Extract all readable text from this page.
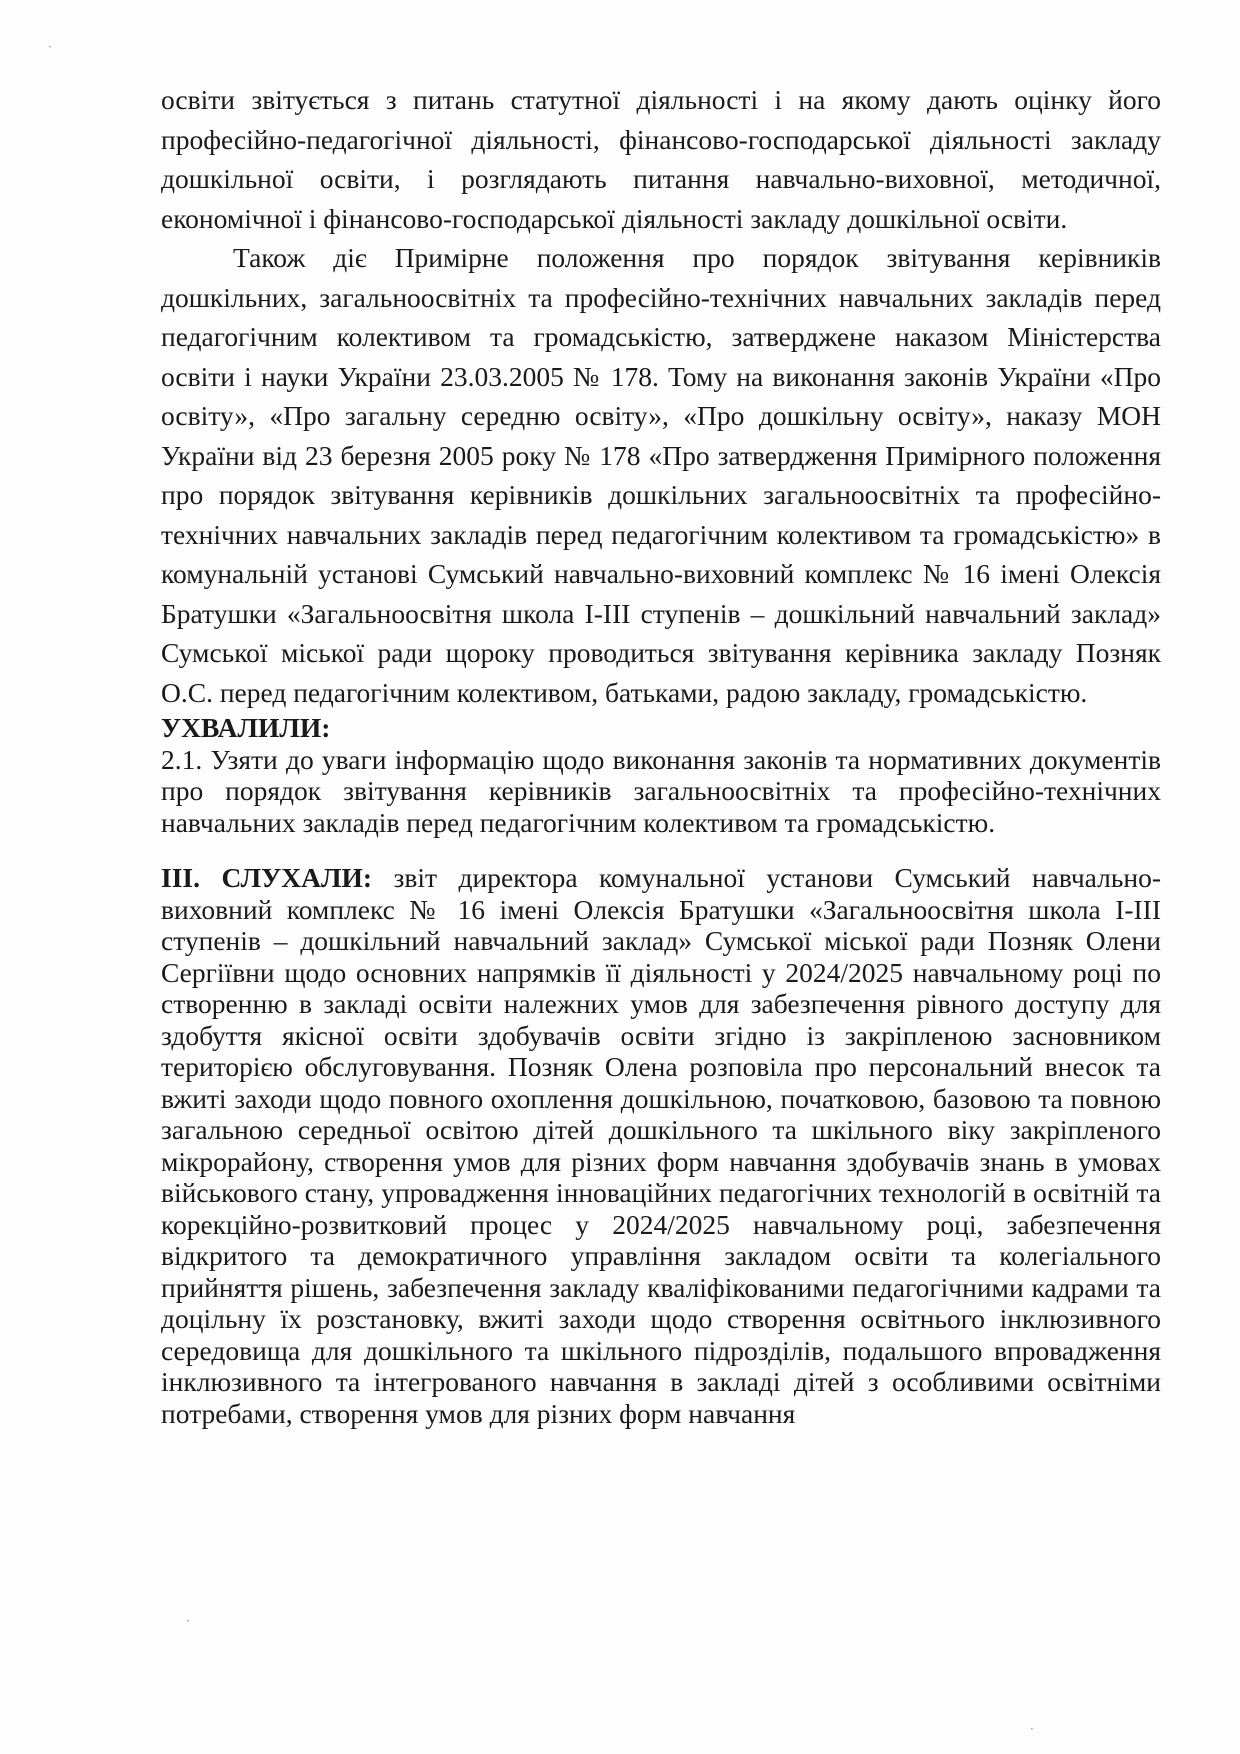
освіти звітується з питань статутної діяльності і на якому дають оцінку його професійно-педагогічної діяльності, фінансово-господарської діяльності закладу дошкільної освіти, і розглядають питання навчально-виховної, методичної, економічної і фінансово-господарської діяльності закладу дошкільної освіти.

Також діє Примірне положення про порядок звітування керівників дошкільних, загальноосвітніх та професійно-технічних навчальних закладів перед педагогічним колективом та громадськістю, затверджене наказом Міністерства освіти і науки України 23.03.2005 № 178. Тому на виконання законів України «Про освіту», «Про загальну середню освіту», «Про дошкільну освіту», наказу МОН України від 23 березня 2005 року № 178 «Про затвердження Примірного положення про порядок звітування керівників дошкільних загальноосвітніх та професійно-технічних навчальних закладів перед педагогічним колективом та громадськістю» в комунальній установі Сумський навчально-виховний комплекс № 16 імені Олексія Братушки «Загальноосвітня школа I-III ступенів – дошкільний навчальний заклад» Сумської міської ради щороку проводиться звітування керівника закладу Позняк О.С. перед педагогічним колективом, батьками, радою закладу, громадськістю.

УХВАЛИЛИ:

2.1. Узяти до уваги інформацію щодо виконання законів та нормативних документів про порядок звітування керівників загальноосвітніх та професійно-технічних навчальних закладів перед педагогічним колективом та громадськістю.

ІІІ. СЛУХАЛИ: звіт директора комунальної установи Сумський навчально-виховний комплекс № 16 імені Олексія Братушки «Загальноосвітня школа І-ІІІ ступенів – дошкільний навчальний заклад» Сумської міської ради Позняк Олени Сергіївни щодо основних напрямків її діяльності у 2024/2025 навчальному році по створенню в закладі освіти належних умов для забезпечення рівного доступу для здобуття якісної освіти здобувачів освіти згідно із закріпленою засновником територією обслуговування. Позняк Олена розповіла про персональний внесок та вжиті заходи щодо повного охоплення дошкільною, початковою, базовою та повною загальною середньої освітою дітей дошкільного та шкільного віку закріпленого мікрорайону, створення умов для різних форм навчання здобувачів знань в умовах військового стану, упровадження інноваційних педагогічних технологій в освітній та корекційно-розвитковий процес у 2024/2025 навчальному році, забезпечення відкритого та демократичного управління закладом освіти та колегіального прийняття рішень, забезпечення закладу кваліфікованими педагогічними кадрами та доцільну їх розстановку, вжиті заходи щодо створення освітнього інклюзивного середовища для дошкільного та шкільного підрозділів, подальшого впровадження інклюзивного та інтегрованого навчання в закладі дітей з особливими освітніми потребами, створення умов для різних форм навчання

·
·
·
